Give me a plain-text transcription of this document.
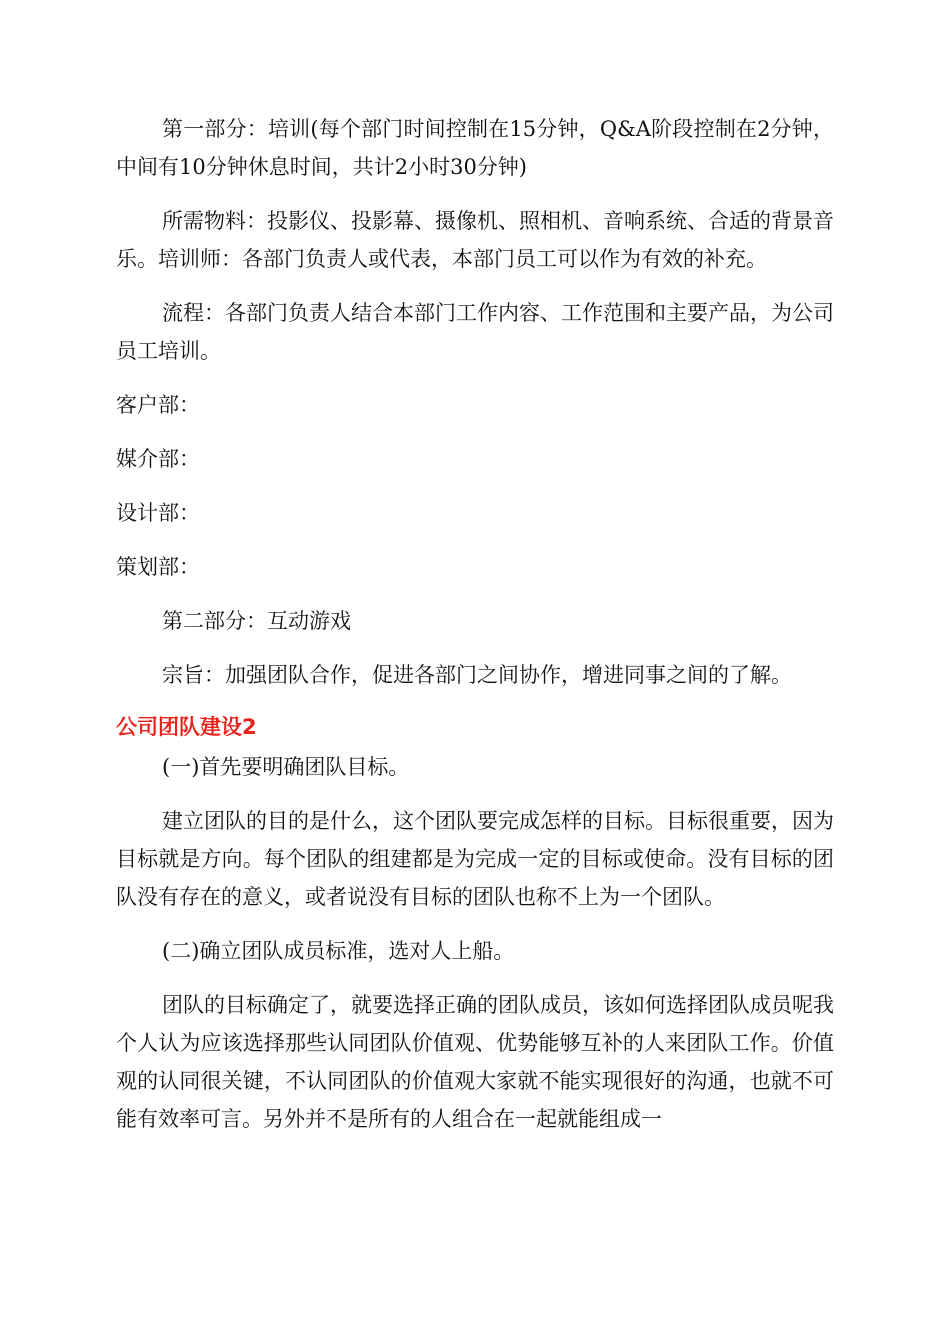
第一部分：培训(每个部门时间控制在15分钟，Q&A阶段控制在2分钟，中间有10分钟休息时间，共计2小时30分钟)

所需物料：投影仪、投影幕、摄像机、照相机、音响系统、合适的背景音乐。培训师：各部门负责人或代表，本部门员工可以作为有效的补充。

流程：各部门负责人结合本部门工作内容、工作范围和主要产品，为公司员工培训。

客户部：

媒介部：

设计部：

策划部：

第二部分：互动游戏

宗旨：加强团队合作，促进各部门之间协作，增进同事之间的了解。

公司团队建设2

(一)首先要明确团队目标。

建立团队的目的是什么，这个团队要完成怎样的目标。目标很重要，因为目标就是方向。每个团队的组建都是为完成一定的目标或使命。没有目标的团队没有存在的意义，或者说没有目标的团队也称不上为一个团队。

(二)确立团队成员标准，选对人上船。

团队的目标确定了，就要选择正确的团队成员，该如何选择团队成员呢我个人认为应该选择那些认同团队价值观、优势能够互补的人来团队工作。价值观的认同很关键，不认同团队的价值观大家就不能实现很好的沟通，也就不可能有效率可言。另外并不是所有的人组合在一起就能组成一
